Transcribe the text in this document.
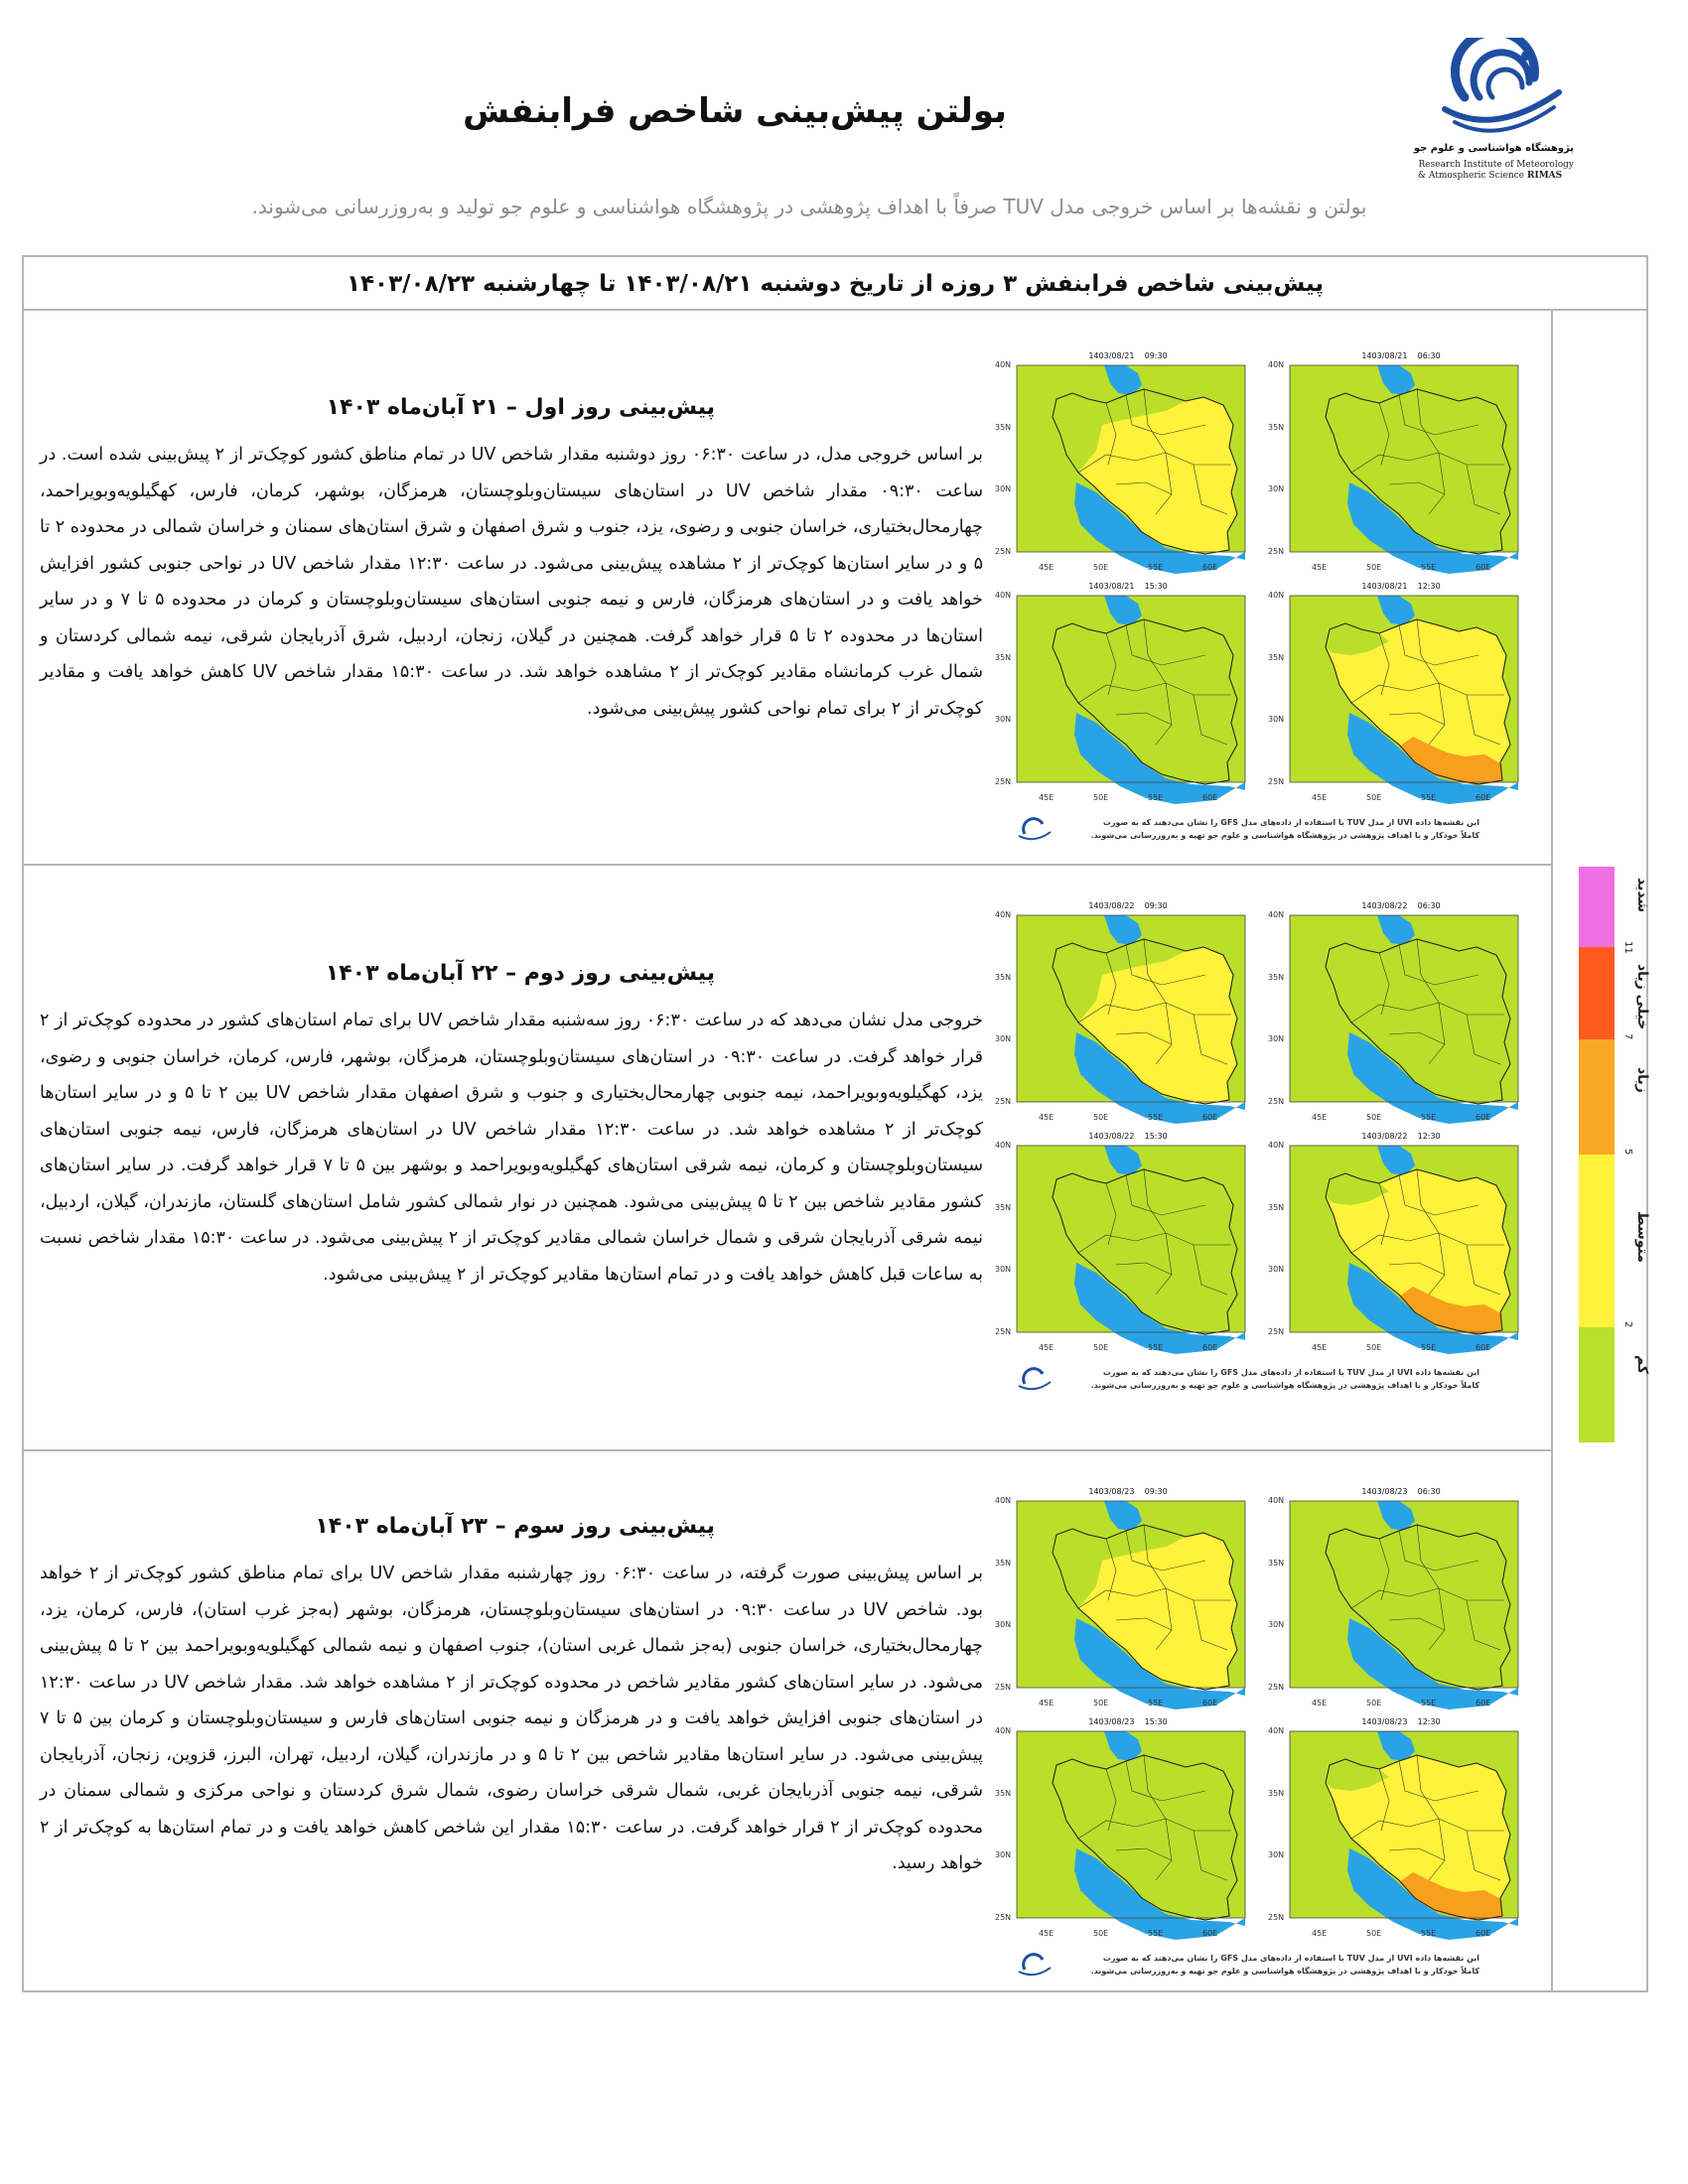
بولتن پیش‌بینی شاخص فرابنفش
پژوهشگاه هواشناسی و علوم جو
Research Institute of Meteorology
& Atmospheric Science RIMAS
بولتن و نقشه‌ها بر اساس خروجی مدل TUV صرفاً با اهداف پژوهشی در پژوهشگاه هواشناسی و علوم جو تولید و به‌روزرسانی می‌شوند.
پیش‌بینی شاخص فرابنفش ۳ روزه از تاریخ دوشنبه ۱۴۰۳/۰۸/۲۱ تا چهارشنبه ۱۴۰۳/۰۸/۲۳
پیش‌بینی روز اول – ۲۱ آبان‌ماه ۱۴۰۳
بر اساس خروجی مدل، در ساعت ۰۶:۳۰ روز دوشنبه مقدار شاخص UV در تمام مناطق کشور کوچک‌تر از ۲ پیش‌بینی شده است. در ساعت ۰۹:۳۰ مقدار شاخص UV در استان‌های سیستان‌وبلوچستان، هرمزگان، بوشهر، کرمان، فارس، کهگیلویه‌وبویراحمد، چهارمحال‌بختیاری، خراسان جنوبی و رضوی، یزد، جنوب و شرق اصفهان و شرق استان‌های سمنان و خراسان شمالی در محدوده ۲ تا ۵ و در سایر استان‌ها کوچک‌تر از ۲ مشاهده پیش‌بینی می‌شود. در ساعت ۱۲:۳۰ مقدار شاخص UV در نواحی جنوبی کشور افزایش خواهد یافت و در استان‌های هرمزگان، فارس و نیمه جنوبی استان‌های سیستان‌وبلوچستان و کرمان در محدوده ۵ تا ۷ و در سایر استان‌ها در محدوده ۲ تا ۵ قرار خواهد گرفت. همچنین در گیلان، زنجان، اردبیل، شرق آذربایجان شرقی، نیمه شمالی کردستان و شمال غرب کرمانشاه مقادیر کوچک‌تر از ۲ مشاهده خواهد شد. در ساعت ۱۵:۳۰ مقدار شاخص UV کاهش خواهد یافت و مقادیر کوچک‌تر از ۲ برای تمام نواحی کشور پیش‌بینی می‌شود.
1403/08/21 06:30
40N
35N
30N
25N
45E	50E	55E	60E
1403/08/21 09:30
40N
35N
30N
25N
45E	50E	55E	60E
1403/08/21 12:30
40N
35N
30N
25N
45E	50E	55E	60E
1403/08/21 15:30
40N
35N
30N
25N
45E	50E	55E	60E
این نقشه‌ها داده UVI از مدل TUV با استفاده از داده‌های مدل GFS را نشان می‌دهند که به صورت
کاملاً خودکار و با اهداف پژوهشی در پژوهشگاه هواشناسی و علوم جو تهیه و به‌روزرسانی می‌شوند.
پیش‌بینی روز دوم – ۲۲ آبان‌ماه ۱۴۰۳
خروجی مدل نشان می‌دهد که در ساعت ۰۶:۳۰ روز سه‌شنبه مقدار شاخص UV برای تمام استان‌های کشور در محدوده کوچک‌تر از ۲ قرار خواهد گرفت. در ساعت ۰۹:۳۰ در استان‌های سیستان‌وبلوچستان، هرمزگان، بوشهر، فارس، کرمان، خراسان جنوبی و رضوی، یزد، کهگیلویه‌وبویراحمد، نیمه جنوبی چهارمحال‌بختیاری و جنوب و شرق اصفهان مقدار شاخص UV بین ۲ تا ۵ و در سایر استان‌ها کوچک‌تر از ۲ مشاهده خواهد شد. در ساعت ۱۲:۳۰ مقدار شاخص UV در استان‌های هرمزگان، فارس، نیمه جنوبی استان‌های سیستان‌وبلوچستان و کرمان، نیمه شرقی استان‌های کهگیلویه‌وبویراحمد و بوشهر بین ۵ تا ۷ قرار خواهد گرفت. در سایر استان‌های کشور مقادیر شاخص بین ۲ تا ۵ پیش‌بینی می‌شود. همچنین در نوار شمالی کشور شامل استان‌های گلستان، مازندران، گیلان، اردبیل، نیمه شرقی آذربایجان شرقی و شمال خراسان شمالی مقادیر کوچک‌تر از ۲ پیش‌بینی می‌شود. در ساعت ۱۵:۳۰ مقدار شاخص نسبت به ساعات قبل کاهش خواهد یافت و در تمام استان‌ها مقادیر کوچک‌تر از ۲ پیش‌بینی می‌شود.
1403/08/22 06:30
40N
35N
30N
25N
45E	50E	55E	60E
1403/08/22 09:30
40N
35N
30N
25N
45E	50E	55E	60E
1403/08/22 12:30
40N
35N
30N
25N
45E	50E	55E	60E
1403/08/22 15:30
40N
35N
30N
25N
45E	50E	55E	60E
این نقشه‌ها داده UVI از مدل TUV با استفاده از داده‌های مدل GFS را نشان می‌دهند که به صورت
کاملاً خودکار و با اهداف پژوهشی در پژوهشگاه هواشناسی و علوم جو تهیه و به‌روزرسانی می‌شوند.
پیش‌بینی روز سوم – ۲۳ آبان‌ماه ۱۴۰۳
بر اساس پیش‌بینی صورت گرفته، در ساعت ۰۶:۳۰ روز چهارشنبه مقدار شاخص UV برای تمام مناطق کشور کوچک‌تر از ۲ خواهد بود. شاخص UV در ساعت ۰۹:۳۰ در استان‌های سیستان‌وبلوچستان، هرمزگان، بوشهر (به‌جز غرب استان)، فارس، کرمان، یزد، چهارمحال‌بختیاری، خراسان جنوبی (به‌جز شمال غربی استان)، جنوب اصفهان و نیمه شمالی کهگیلویه‌وبویراحمد بین ۲ تا ۵ پیش‌بینی می‌شود. در سایر استان‌های کشور مقادیر شاخص در محدوده کوچک‌تر از ۲ مشاهده خواهد شد. مقدار شاخص UV در ساعت ۱۲:۳۰ در استان‌های جنوبی افزایش خواهد یافت و در هرمزگان و نیمه جنوبی استان‌های فارس و سیستان‌وبلوچستان و کرمان بین ۵ تا ۷ پیش‌بینی می‌شود. در سایر استان‌ها مقادیر شاخص بین ۲ تا ۵ و در مازندران، گیلان، اردبیل، تهران، البرز، قزوین، زنجان، آذربایجان شرقی، نیمه جنوبی آذربایجان غربی، شمال شرقی خراسان رضوی، شمال شرق کردستان و نواحی مرکزی و شمالی سمنان در محدوده کوچک‌تر از ۲ قرار خواهد گرفت. در ساعت ۱۵:۳۰ مقدار این شاخص کاهش خواهد یافت و در تمام استان‌ها به کوچک‌تر از ۲ خواهد رسید.
1403/08/23 06:30
40N
35N
30N
25N
45E	50E	55E	60E
1403/08/23 09:30
40N
35N
30N
25N
45E	50E	55E	60E
1403/08/23 12:30
40N
35N
30N
25N
45E	50E	55E	60E
1403/08/23 15:30
40N
35N
30N
25N
45E	50E	55E	60E
این نقشه‌ها داده UVI از مدل TUV با استفاده از داده‌های مدل GFS را نشان می‌دهند که به صورت
کاملاً خودکار و با اهداف پژوهشی در پژوهشگاه هواشناسی و علوم جو تهیه و به‌روزرسانی می‌شوند.
کم
2
متوسط
5
زیاد
7
خیلی زیاد
11
شدید
